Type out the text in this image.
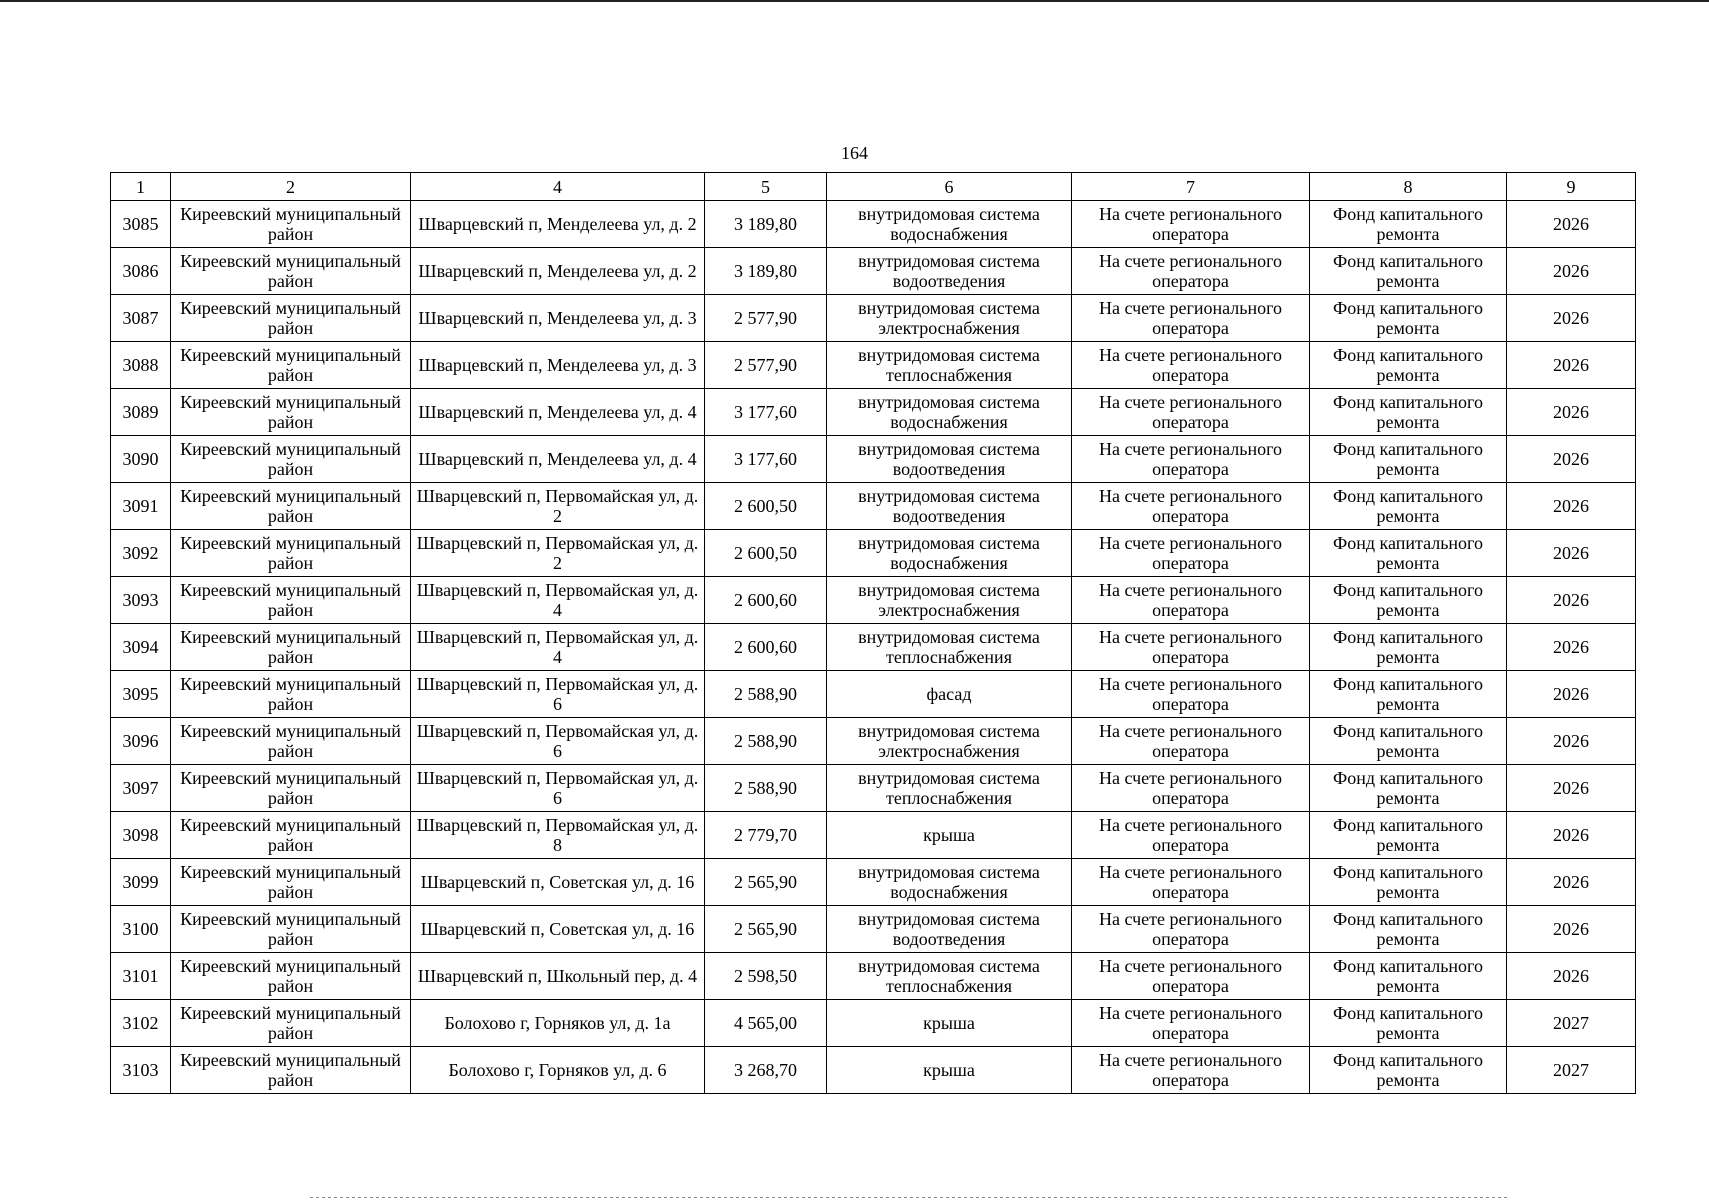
164
1	2	4	5	6	7	8	9
3085	Киреевский муниципальный район	Шварцевский п, Менделеева ул, д. 2	3 189,80	внутридомовая система водоснабжения	На счете регионального оператора	Фонд капитального ремонта	2026
3086	Киреевский муниципальный район	Шварцевский п, Менделеева ул, д. 2	3 189,80	внутридомовая система водоотведения	На счете регионального оператора	Фонд капитального ремонта	2026
3087	Киреевский муниципальный район	Шварцевский п, Менделеева ул, д. 3	2 577,90	внутридомовая система электроснабжения	На счете регионального оператора	Фонд капитального ремонта	2026
3088	Киреевский муниципальный район	Шварцевский п, Менделеева ул, д. 3	2 577,90	внутридомовая система теплоснабжения	На счете регионального оператора	Фонд капитального ремонта	2026
3089	Киреевский муниципальный район	Шварцевский п, Менделеева ул, д. 4	3 177,60	внутридомовая система водоснабжения	На счете регионального оператора	Фонд капитального ремонта	2026
3090	Киреевский муниципальный район	Шварцевский п, Менделеева ул, д. 4	3 177,60	внутридомовая система водоотведения	На счете регионального оператора	Фонд капитального ремонта	2026
3091	Киреевский муниципальный район	Шварцевский п, Первомайская ул, д. 2	2 600,50	внутридомовая система водоотведения	На счете регионального оператора	Фонд капитального ремонта	2026
3092	Киреевский муниципальный район	Шварцевский п, Первомайская ул, д. 2	2 600,50	внутридомовая система водоснабжения	На счете регионального оператора	Фонд капитального ремонта	2026
3093	Киреевский муниципальный район	Шварцевский п, Первомайская ул, д. 4	2 600,60	внутридомовая система электроснабжения	На счете регионального оператора	Фонд капитального ремонта	2026
3094	Киреевский муниципальный район	Шварцевский п, Первомайская ул, д. 4	2 600,60	внутридомовая система теплоснабжения	На счете регионального оператора	Фонд капитального ремонта	2026
3095	Киреевский муниципальный район	Шварцевский п, Первомайская ул, д. 6	2 588,90	фасад	На счете регионального оператора	Фонд капитального ремонта	2026
3096	Киреевский муниципальный район	Шварцевский п, Первомайская ул, д. 6	2 588,90	внутридомовая система электроснабжения	На счете регионального оператора	Фонд капитального ремонта	2026
3097	Киреевский муниципальный район	Шварцевский п, Первомайская ул, д. 6	2 588,90	внутридомовая система теплоснабжения	На счете регионального оператора	Фонд капитального ремонта	2026
3098	Киреевский муниципальный район	Шварцевский п, Первомайская ул, д. 8	2 779,70	крыша	На счете регионального оператора	Фонд капитального ремонта	2026
3099	Киреевский муниципальный район	Шварцевский п, Советская ул, д. 16	2 565,90	внутридомовая система водоснабжения	На счете регионального оператора	Фонд капитального ремонта	2026
3100	Киреевский муниципальный район	Шварцевский п, Советская ул, д. 16	2 565,90	внутридомовая система водоотведения	На счете регионального оператора	Фонд капитального ремонта	2026
3101	Киреевский муниципальный район	Шварцевский п, Школьный пер, д. 4	2 598,50	внутридомовая система теплоснабжения	На счете регионального оператора	Фонд капитального ремонта	2026
3102	Киреевский муниципальный район	Болохово г, Горняков ул, д. 1а	4 565,00	крыша	На счете регионального оператора	Фонд капитального ремонта	2027
3103	Киреевский муниципальный район	Болохово г, Горняков ул, д. 6	3 268,70	крыша	На счете регионального оператора	Фонд капитального ремонта	2027
